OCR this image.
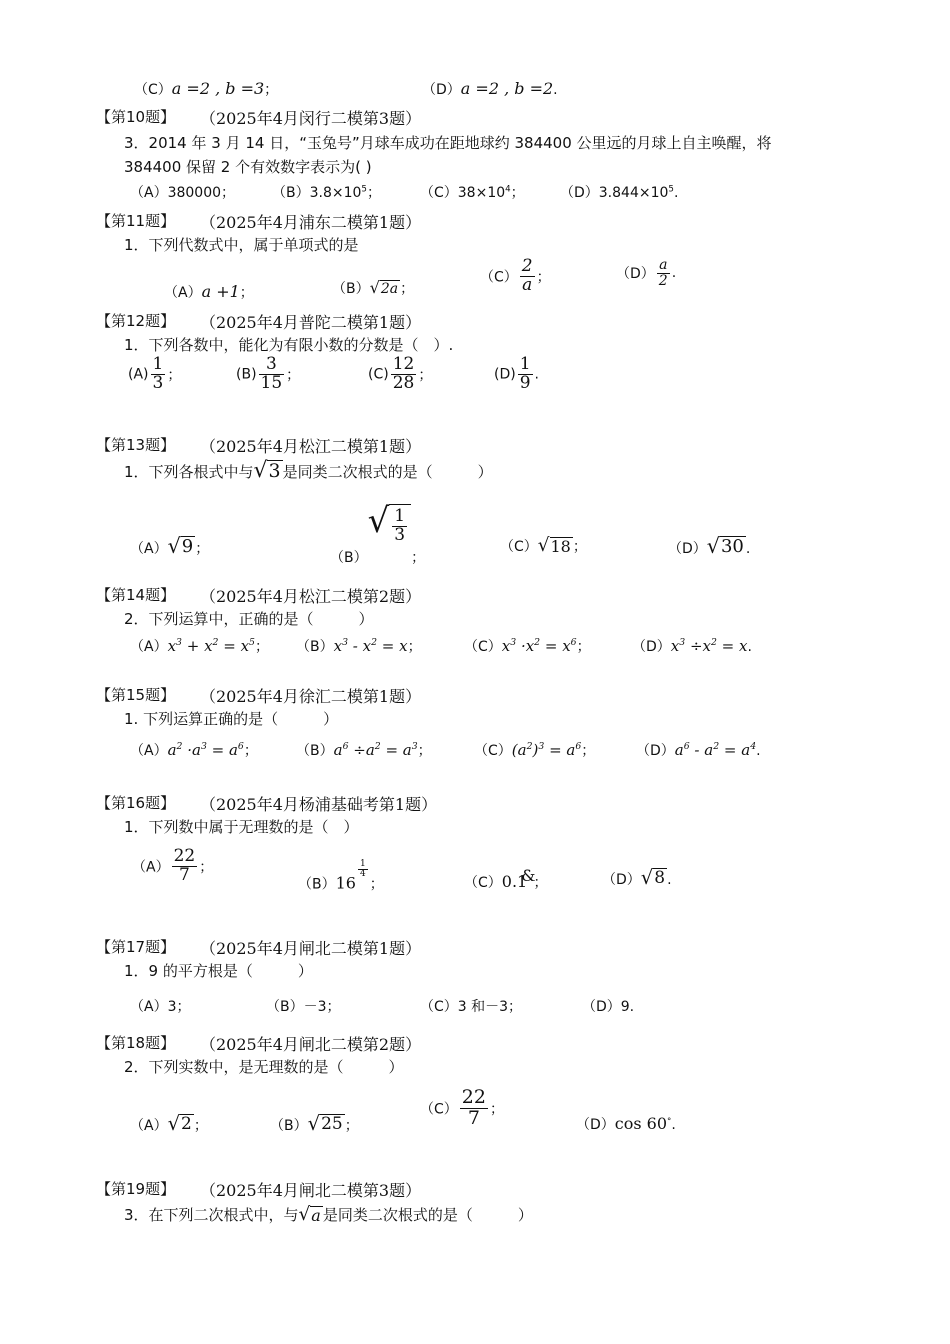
（C）a =2 , b =3；	（D）a =2 , b =2.
【第10题】 （2025年4月闵行二模第3题）
3．2014 年 3 月 14 日，“玉兔号”月球车成功在距地球约 384400 公里远的月球上自主唤醒，将
384400 保留 2 个有效数字表示为( )
（A）380000；	$(B)3.8\times 10^5$；	$(C)38\times 10^4$；	$(D)3.844\times 10^5$.
【第11题】 （2025年4月浦东二模第1题）
1．下列代数式中，属于单项式的是
（A）a +1；	（B） √ 2a ；
$(C) \frac{2}{a}$ ；	$(D) \frac{a}{2}$ .
【第12题】 （2025年4月普陀二模第1题）
1．下列各数中，能化为有限小数的分数是（　）.
$(A) \frac{1}{3}$ ；	$(B) \frac{3}{15}$ ；	$(C) \frac{12}{28}$ ；	$(D) \frac{1}{9}$ .
【第13题】 （2025年4月松江二模第1题）
1．下列各根式中与 √ 3 是同类二次根式的是（　　　）
（A） √ 9 ；
（B）
√ $\frac{1}{3}$
；
（C） √ 18 ；	（D） √ 30 .
【第14题】 （2025年4月松江二模第2题）
2．下列运算中，正确的是（　　　）
$(A)x^3 + x^2 = x^5$； $(B)x^3 - x^2 = x$；	$(C)x^3 \cdot x^2 = x^6$；	$(D)x^3 \div x^2 = x$.
【第15题】 （2025年4月徐汇二模第1题）
1. 下列运算正确的是（　　　）
$(A)a^2 \cdot a^3 = a^6$；	$(B)a^6 \div a^2 = a^3$；	$(C)(a^2)^3 = a^6$；	$(D)a^6 - a^2 = a^4$.
【第16题】 （2025年4月杨浦基础考第1题）
1．下列数中属于无理数的是（　）
$(A) \frac{22}{7}$ ；
（B）16
$\frac{1}{4}$
；	（C）0.1&；	（D） √ 8 .
【第17题】 （2025年4月闸北二模第1题）
1．9 的平方根是（　　　）
（A）3；	（B）－3；	（C）3 和－3；	（D）9.
【第18题】 （2025年4月闸北二模第2题）
2．下列实数中，是无理数的是（　　　）
（A） √ 2 ；	（B） √ 25 ；
$(C) \frac{22}{7}$ ；
（D）cos 60°.
【第19题】 （2025年4月闸北二模第3题）
3．在下列二次根式中，与 √ a 是同类二次根式的是（　　　）
